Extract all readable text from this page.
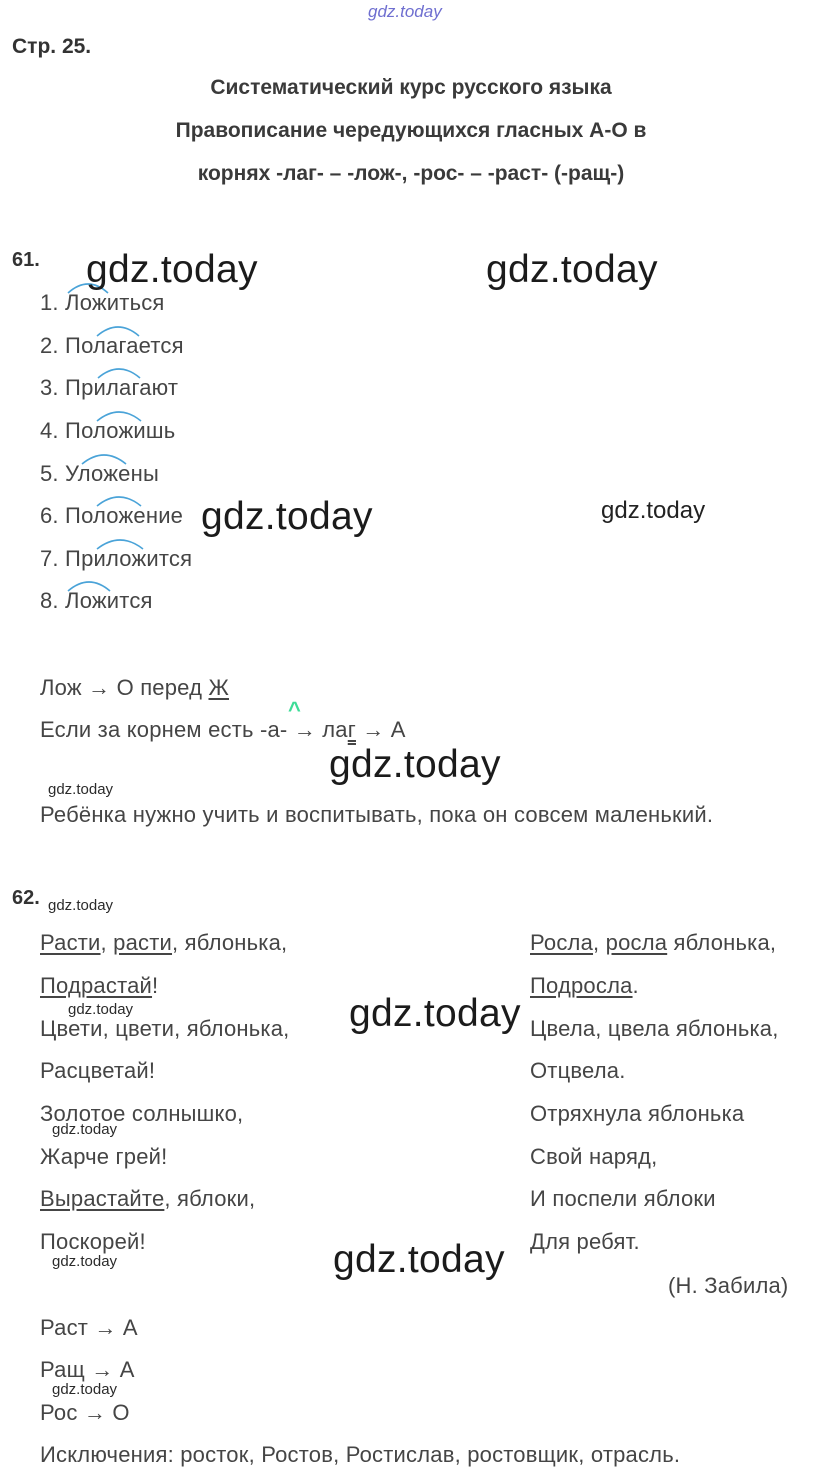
gdz.today
Стр. 25.
Систематический курс русского языка
Правописание чередующихся гласных А-О в
корнях -лаг- – -лож-, -рос- – -раст- (-ращ-)
61.
1. Ложиться
2. Полагается
3. Прилагают
4. Положишь
5. Уложены
6. Положение
7. Приложится
8. Ложится
Лож → О перед Ж
^
Если за корнем есть -а- → лаг → А
Ребёнка нужно учить и воспитывать, пока он совсем маленький.
62.
Расти, расти, яблонька,
Подрастай!
Цвети, цвети, яблонька,
Расцветай!
Золотое солнышко,
Жарче грей!
Вырастайте, яблоки,
Поскорей!
Росла, росла яблонька,
Подросла.
Цвела, цвела яблонька,
Отцвела.
Отряхнула яблонька
Свой наряд,
И поспели яблоки
Для ребят.
(Н. Забила)
Раст → А
Ращ → А
Рос → О
Исключения: росток, Ростов, Ростислав, ростовщик, отрасль.
gdz.today	gdz.today
gdz.today	gdz.today
gdz.today
gdz.today
gdz.today
gdz.today	gdz.today
gdz.today
gdz.today	gdz.today
gdz.today
